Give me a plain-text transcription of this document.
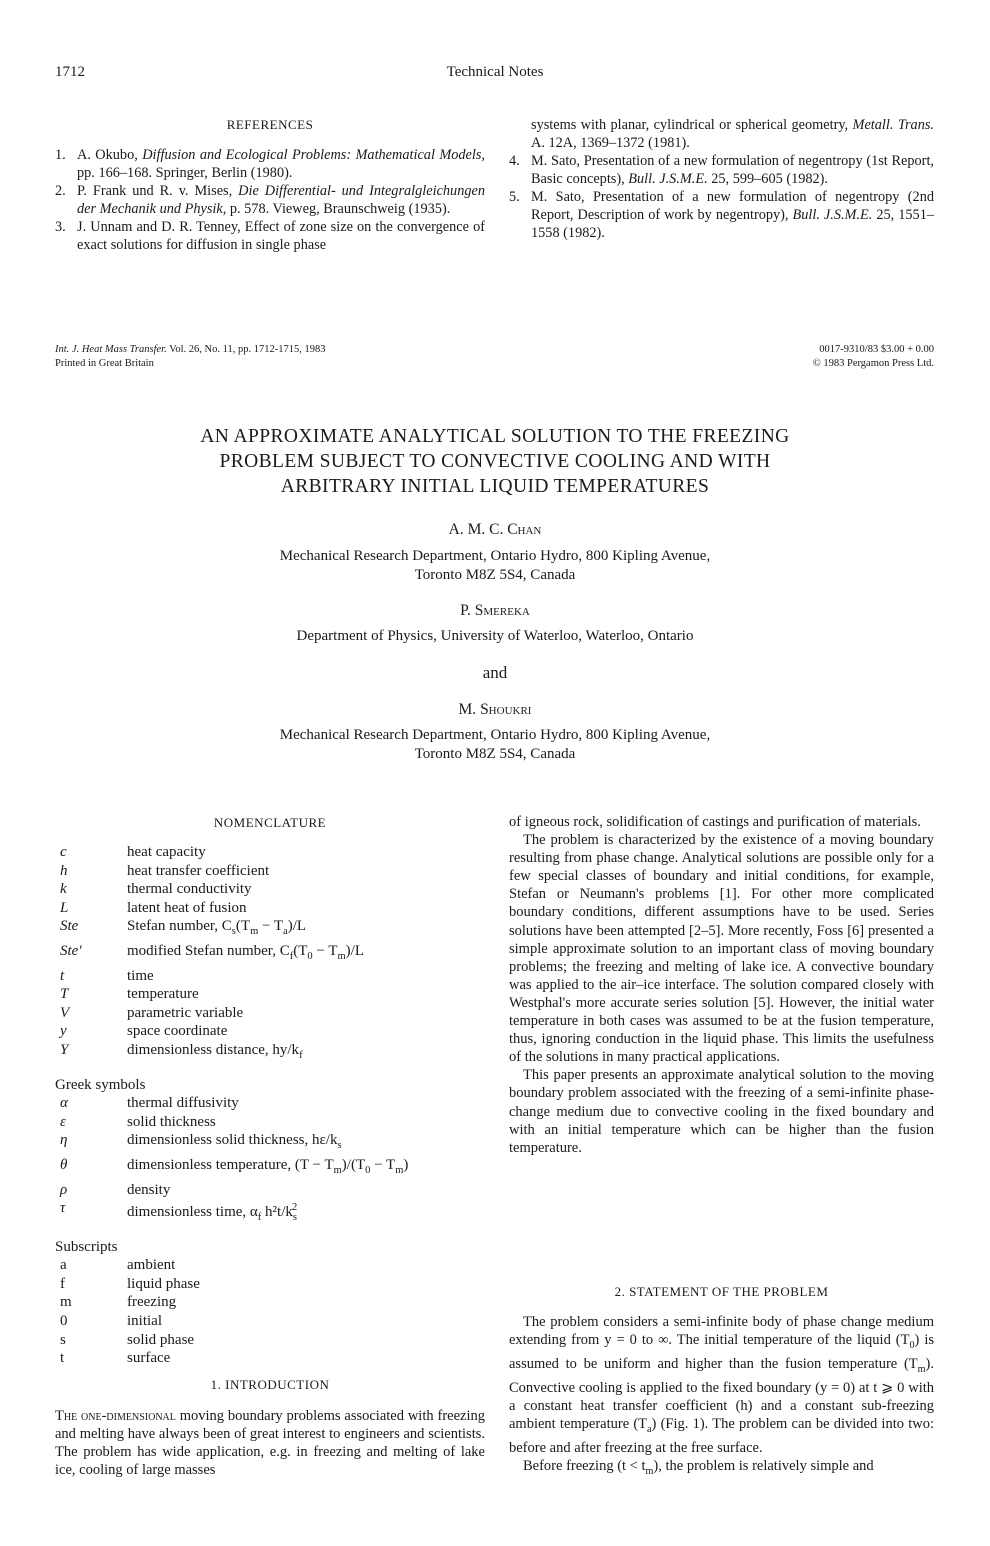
1712	Technical Notes
REFERENCES
1. A. Okubo, Diffusion and Ecological Problems: Mathematical Models, pp. 166–168. Springer, Berlin (1980).
2. P. Frank und R. v. Mises, Die Differential- und Integralgleichungen der Mechanik und Physik, p. 578. Vieweg, Braunschweig (1935).
3. J. Unnam and D. R. Tenney, Effect of zone size on the convergence of exact solutions for diffusion in single phase
systems with planar, cylindrical or spherical geometry, Metall. Trans. A. 12A, 1369–1372 (1981).
4. M. Sato, Presentation of a new formulation of negentropy (1st Report, Basic concepts), Bull. J.S.M.E. 25, 599–605 (1982).
5. M. Sato, Presentation of a new formulation of negentropy (2nd Report, Description of work by negentropy), Bull. J.S.M.E. 25, 1551–1558 (1982).
Int. J. Heat Mass Transfer. Vol. 26, No. 11, pp. 1712-1715, 1983
Printed in Great Britain
0017-9310/83 $3.00 + 0.00
© 1983 Pergamon Press Ltd.
AN APPROXIMATE ANALYTICAL SOLUTION TO THE FREEZING
PROBLEM SUBJECT TO CONVECTIVE COOLING AND WITH
ARBITRARY INITIAL LIQUID TEMPERATURES
A. M. C. Chan
Mechanical Research Department, Ontario Hydro, 800 Kipling Avenue,
Toronto M8Z 5S4, Canada
P. Smereka
Department of Physics, University of Waterloo, Waterloo, Ontario
and
M. Shoukri
Mechanical Research Department, Ontario Hydro, 800 Kipling Avenue,
Toronto M8Z 5S4, Canada
NOMENCLATURE
c	heat capacity
h	heat transfer coefficient
k	thermal conductivity
L	latent heat of fusion
Ste	Stefan number, $C_s(T_m - T_a)/L$
Ste′	modified Stefan number, $C_f(T_0 - T_m)/L$
t	time
T	temperature
V	parametric variable
y	space coordinate
Y	dimensionless distance, $hy/k_f$
Greek symbols
α	thermal diffusivity
ε	solid thickness
η	dimensionless solid thickness, $h\varepsilon/k_s$
θ	dimensionless temperature, $(T - T_m)/(T_0 - T_m)$
ρ	density
τ	dimensionless time, $\alpha_f$ h²t/$k_s^2$
Subscripts
a	ambient
f	liquid phase
m	freezing
0	initial
s	solid phase
t	surface
1. INTRODUCTION

The one-dimensional moving boundary problems associated with freezing and melting have always been of great interest to engineers and scientists. The problem has wide application, e.g. in freezing and melting of lake ice, cooling of large masses

of igneous rock, solidification of castings and purification of materials.

The problem is characterized by the existence of a moving boundary resulting from phase change. Analytical solutions are possible only for a few special classes of boundary and initial conditions, for example, Stefan or Neumann's problems [1]. For other more complicated boundary conditions, different assumptions have to be used. Series solutions have been attempted [2–5]. More recently, Foss [6] presented a simple approximate solution to an important class of moving boundary problems; the freezing and melting of lake ice. A convective boundary was applied to the air–ice interface. The solution compared closely with Westphal's more accurate series solution [5]. However, the initial water temperature in both cases was assumed to be at the fusion temperature, thus, ignoring conduction in the liquid phase. This limits the usefulness of the solutions in many practical applications.

This paper presents an approximate analytical solution to the moving boundary problem associated with the freezing of a semi-infinite phase-change medium due to convective cooling in the fixed boundary and with an initial temperature which can be higher than the fusion temperature.

2. STATEMENT OF THE PROBLEM

The problem considers a semi-infinite body of phase change medium extending from y = 0 to ∞. The initial temperature of the liquid $(T_0)$ is assumed to be uniform and higher than the fusion temperature $(T_m)$. Convective cooling is applied to the fixed boundary (y = 0) at t ⩾ 0 with a constant heat transfer coefficient (h) and a constant sub-freezing ambient temperature $(T_a)$ (Fig. 1). The problem can be divided into two: before and after freezing at the free surface.

Before freezing $(t < t_m)$, the problem is relatively simple and
